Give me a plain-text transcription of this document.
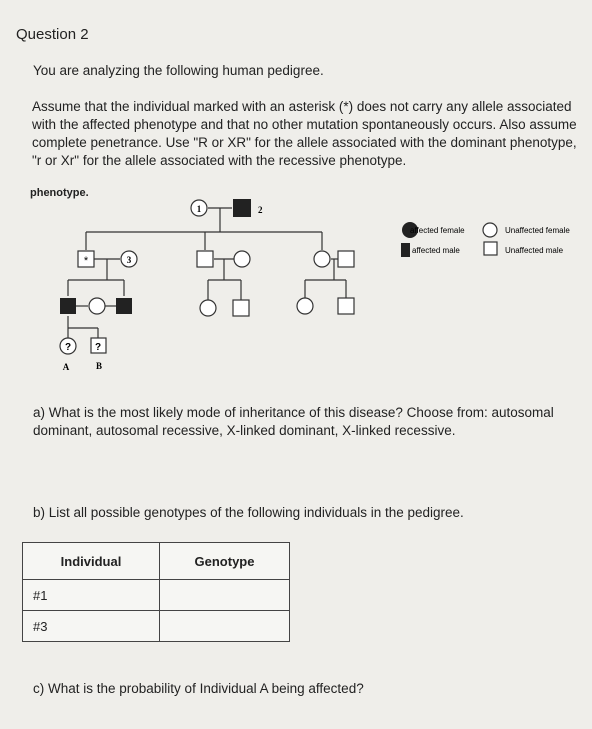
Question 2
You are analyzing the following human pedigree.
Assume that the individual marked with an asterisk (*) does not carry any allele associated with the affected phenotype and that no other mutation spontaneously occurs. Also assume complete penetrance. Use "R or XR" for the allele associated with the dominant phenotype, "r or Xr" for the allele associated with the recessive phenotype.
phenotype.
1	2
*	3
? ?
A	B
affected female	Unaffected female
affected male	Unaffected male
a) What is the most likely mode of inheritance of this disease? Choose from: autosomal dominant, autosomal recessive, X-linked dominant, X-linked recessive.
b) List all possible genotypes of the following individuals in the pedigree.
Individual	Genotype
#1	
#3	
c) What is the probability of Individual A being affected?
